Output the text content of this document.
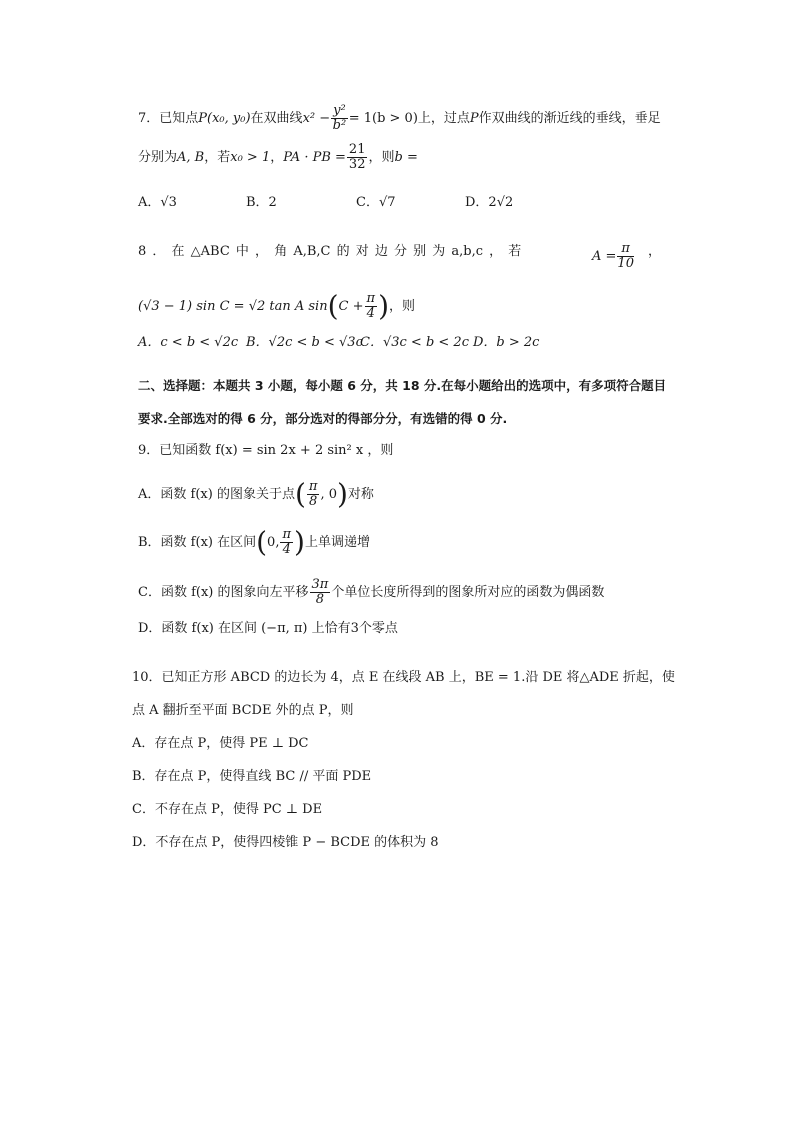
7．已知点P(x₀, y₀)在双曲线$x^2 - \frac{\text{y²}}{\text{b²}} = 1(b > 0)$上，过点P作双曲线的渐近线的垂线，垂足
分别为A, B，若x₀ > 1，PA · PB = $\frac{21}{32}$ ，则b =
A．√3	B．2	C．√7	D．2√2
8 ． 在 △ABC 中 ， 角 A,B,C 的 对 边 分 别 为 a,b,c ， 若	$A = \frac{\pi}{10}$ ，
(√3 − 1) sin C = √2 tan A $\sin(C + \frac{\pi}{4}$ )，则
A．c < b < √2c B．√2c < b < √3c
C．√3c < b < 2c D．b > 2c
二、选择题：本题共 3 小题，每小题 6 分，共 18 分.在每小题给出的选项中，有多项符合题目
要求.全部选对的得 6 分，部分选对的得部分分，有选错的得 0 分.
9．已知函数 f(x) = sin 2x + 2 sin² x ，则
A．函数 f(x) 的图象关于点( $\frac{\pi}{8}$ , 0)对称
B．函数 f(x) 在区间(0, $\frac{\pi}{4}$ )上单调递增
C．函数 f(x) 的图象向左平移 $\frac{3\pi}{8}$ 个单位长度所得到的图象所对应的函数为偶函数
D．函数 f(x) 在区间 (−π, π) 上恰有3个零点
10．已知正方形 ABCD 的边长为 4，点 E 在线段 AB 上，BE = 1.沿 DE 将△ADE 折起，使
点 A 翻折至平面 BCDE 外的点 P，则
A．存在点 P，使得 PE ⊥ DC
B．存在点 P，使得直线 BC // 平面 PDE
C．不存在点 P，使得 PC ⊥ DE
D．不存在点 P，使得四棱锥 P − BCDE 的体积为 8
